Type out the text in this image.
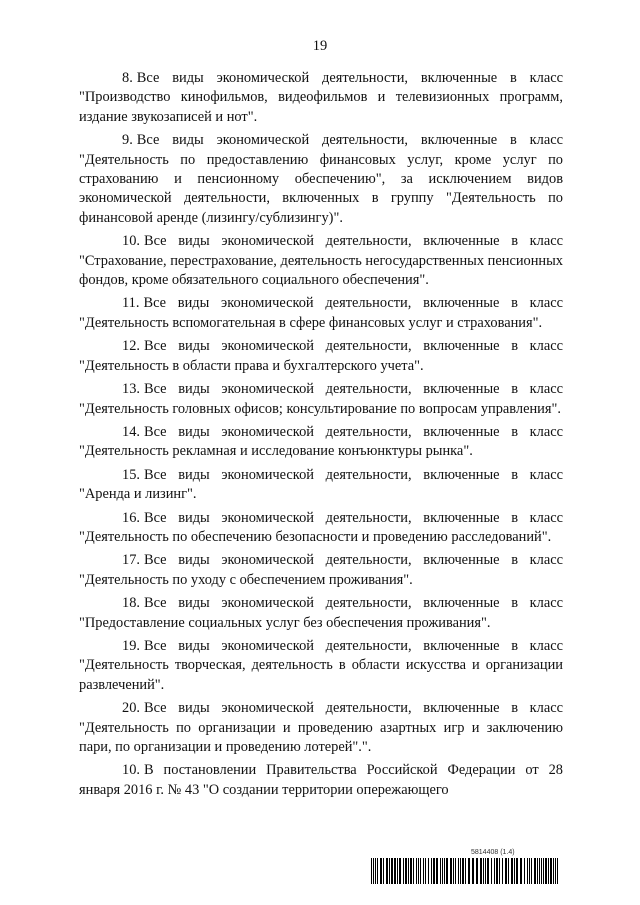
19

8. Все виды экономической деятельности, включенные в класс "Производство кинофильмов, видеофильмов и телевизионных программ, издание звукозаписей и нот".

9. Все виды экономической деятельности, включенные в класс "Деятельность по предоставлению финансовых услуг, кроме услуг по страхованию и пенсионному обеспечению", за исключением видов экономической деятельности, включенных в группу "Деятельность по финансовой аренде (лизингу/сублизингу)".

10. Все виды экономической деятельности, включенные в класс "Страхование, перестрахование, деятельность негосударственных пенсионных фондов, кроме обязательного социального обеспечения".

11. Все виды экономической деятельности, включенные в класс "Деятельность вспомогательная в сфере финансовых услуг и страхования".

12. Все виды экономической деятельности, включенные в класс "Деятельность в области права и бухгалтерского учета".

13. Все виды экономической деятельности, включенные в класс "Деятельность головных офисов; консультирование по вопросам управления".

14. Все виды экономической деятельности, включенные в класс "Деятельность рекламная и исследование конъюнктуры рынка".

15. Все виды экономической деятельности, включенные в класс "Аренда и лизинг".

16. Все виды экономической деятельности, включенные в класс "Деятельность по обеспечению безопасности и проведению расследований".

17. Все виды экономической деятельности, включенные в класс "Деятельность по уходу с обеспечением проживания".

18. Все виды экономической деятельности, включенные в класс "Предоставление социальных услуг без обеспечения проживания".

19. Все виды экономической деятельности, включенные в класс "Деятельность творческая, деятельность в области искусства и организации развлечений".

20. Все виды экономической деятельности, включенные в класс "Деятельность по организации и проведению азартных игр и заключению пари, по организации и проведению лотерей".".

10. В постановлении Правительства Российской Федерации от 28 января 2016 г. № 43 "О создании территории опережающего

5814408 (1.4)
